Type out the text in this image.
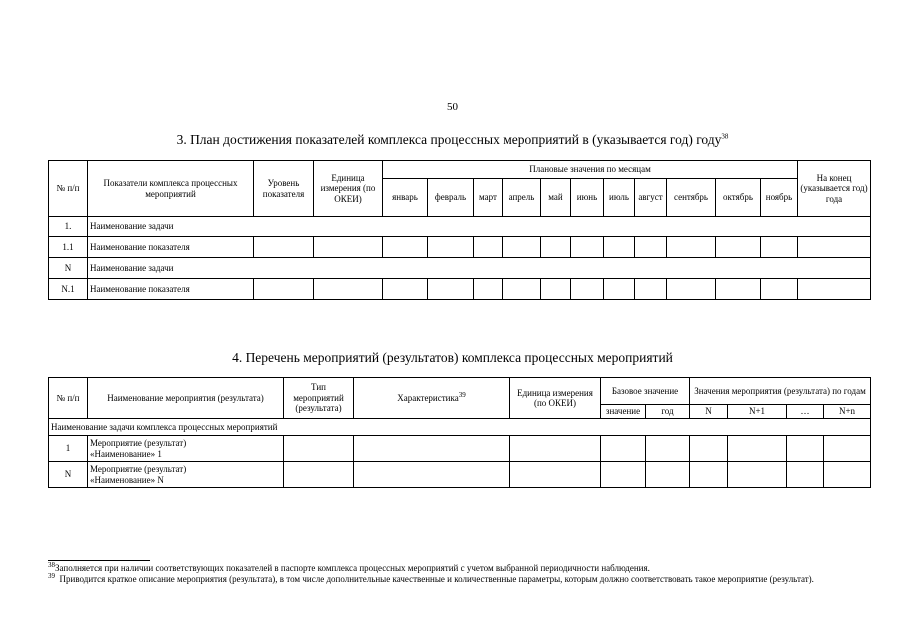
50
3. План достижения показателей комплекса процессных мероприятий в (указывается год) году$^{38}$
№ п/п	Показатели комплекса процессных мероприятий	Уровень показателя	Единица измерения (по ОКЕИ)	Плановые значения по месяцам											На конец (указывается год) года
				январь	февраль	март	апрель	май	июнь	июль	август	сентябрь	октябрь	ноябрь	
1.	Наименование задачи														
1.1	Наименование показателя														
N	Наименование задачи														
N.1	Наименование показателя														
4. Перечень мероприятий (результатов) комплекса процессных мероприятий
№ п/п	Наименование мероприятия (результата)	Тип мероприятий (результата)	Характеристика$^{39}$	Единица измерения (по ОКЕИ)	Базовое значение		Значения мероприятия (результата) по годам			
					значение	год	N	N+1	…	N+n
Наименование задачи комплекса процессных мероприятий										
1	Мероприятие (результат)
«Наименование» 1									

N	Мероприятие (результат)
«Наименование» N									

$^{38}$Заполняется при наличии соответствующих показателей в паспорте комплекса процессных мероприятий с учетом выбранной периодичности наблюдения.
$^{39}$ Приводится краткое описание мероприятия (результата), в том числе дополнительные качественные и количественные параметры, которым должно соответствовать такое мероприятие (результат).
